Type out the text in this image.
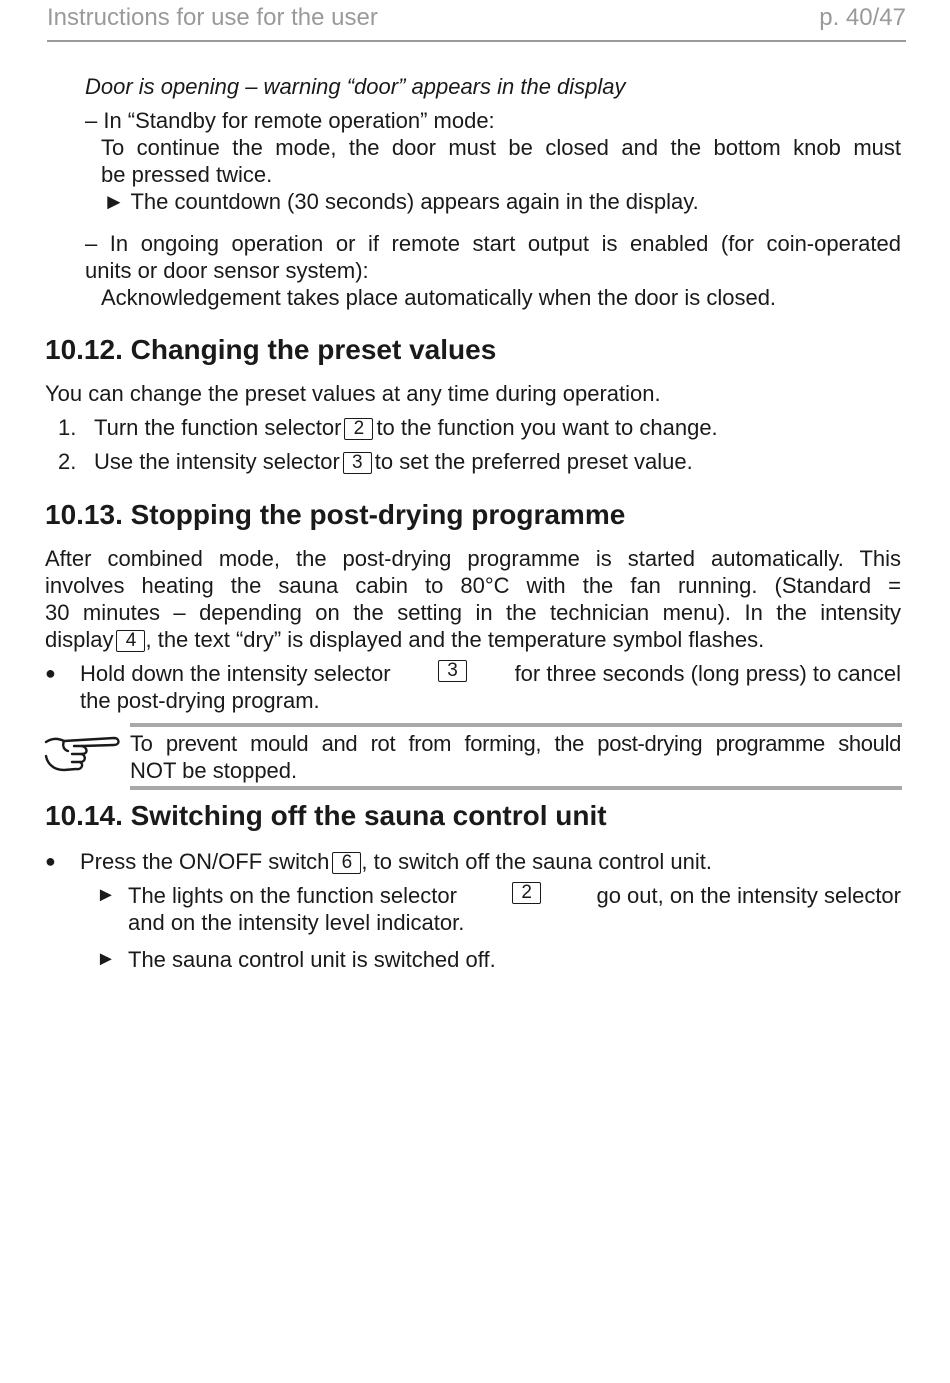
Instructions for use for the user	p. 40/47
Door is opening – warning “door” appears in the display
– In “Standby for remote operation” mode:
To continue the mode, the door must be closed and the bottom knob must
be pressed twice.
► The countdown (30 seconds) appears again in the display.
– In ongoing operation or if remote start output is enabled (for coin-operated
units or door sensor system):
Acknowledgement takes place automatically when the door is closed.
10.12. Changing the preset values
You can change the preset values at any time during operation.
1. Turn the function selector 2 to the function you want to change.
2. Use the intensity selector 3 to set the preferred preset value.
10.13. Stopping the post-drying programme
After combined mode, the post-drying programme is started automatically. This
involves heating the sauna cabin to 80°C with the fan running. (Standard =
30 minutes – depending on the setting in the technician menu). In the intensity
display 4 , the text “dry” is displayed and the temperature symbol flashes.
● Hold down the intensity selector	3	for three seconds (long press) to cancel
the post-drying program.
To prevent mould and rot from forming, the post-drying programme should
NOT be stopped.
10.14. Switching off the sauna control unit
● Press the ON/OFF switch 6 , to switch off the sauna control unit.
► The lights on the function selector	2	go out, on the intensity selector
and on the intensity level indicator.
► The sauna control unit is switched off.
